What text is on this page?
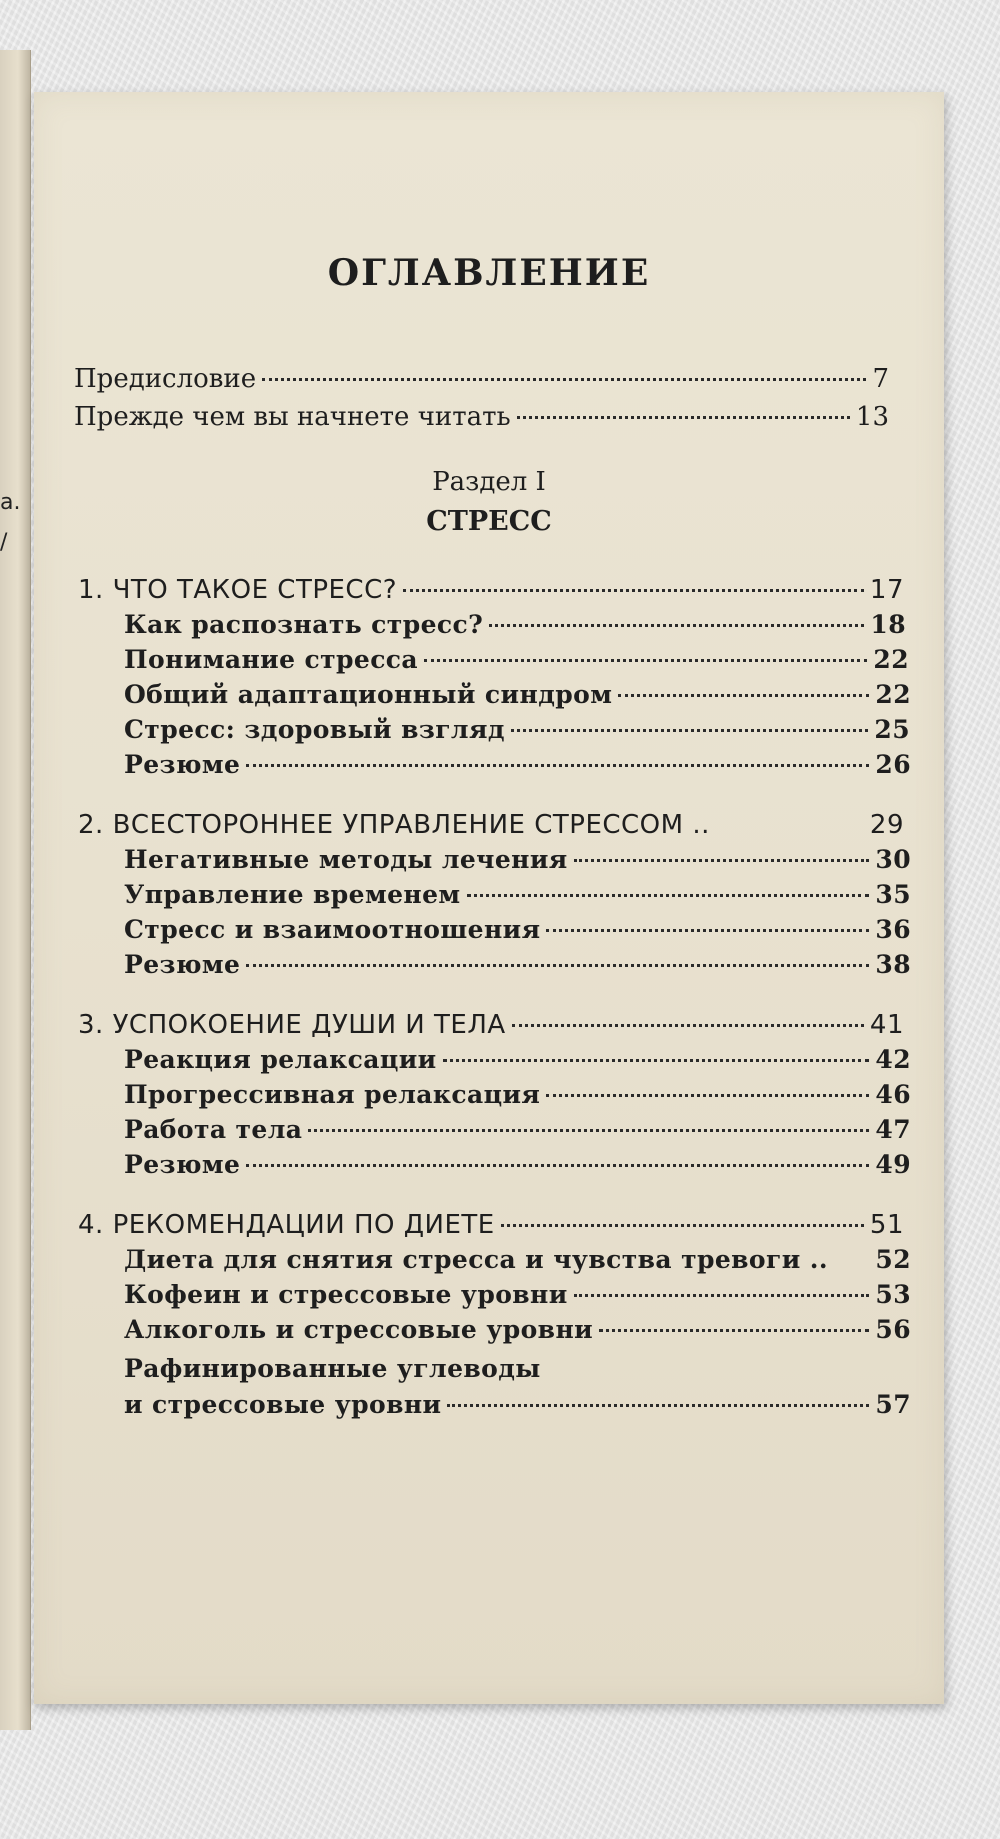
а.
/
ОГЛАВЛЕНИЕ
Предисловие	7
Прежде чем вы начнете читать	13
Раздел I
СТРЕСС
1. ЧТО ТАКОЕ СТРЕСС?	17
Как распознать стресс?	18
Понимание стресса	22
Общий адаптационный синдром	22
Стресс: здоровый взгляд	25
Резюме	26
2. ВСЕСТОРОННЕЕ УПРАВЛЕНИЕ СТРЕССОМ ..	29
Негативные методы лечения	30
Управление временем	35
Стресс и взаимоотношения	36
Резюме	38
3. УСПОКОЕНИЕ ДУШИ И ТЕЛА	41
Реакция релаксации	42
Прогрессивная релаксация	46
Работа тела	47
Резюме	49
4. РЕКОМЕНДАЦИИ ПО ДИЕТЕ	51
Диета для снятия стресса и чувства тревоги .. 52
Кофеин и стрессовые уровни	53
Алкоголь и стрессовые уровни	56
Рафинированные углеводы
и стрессовые уровни	57
